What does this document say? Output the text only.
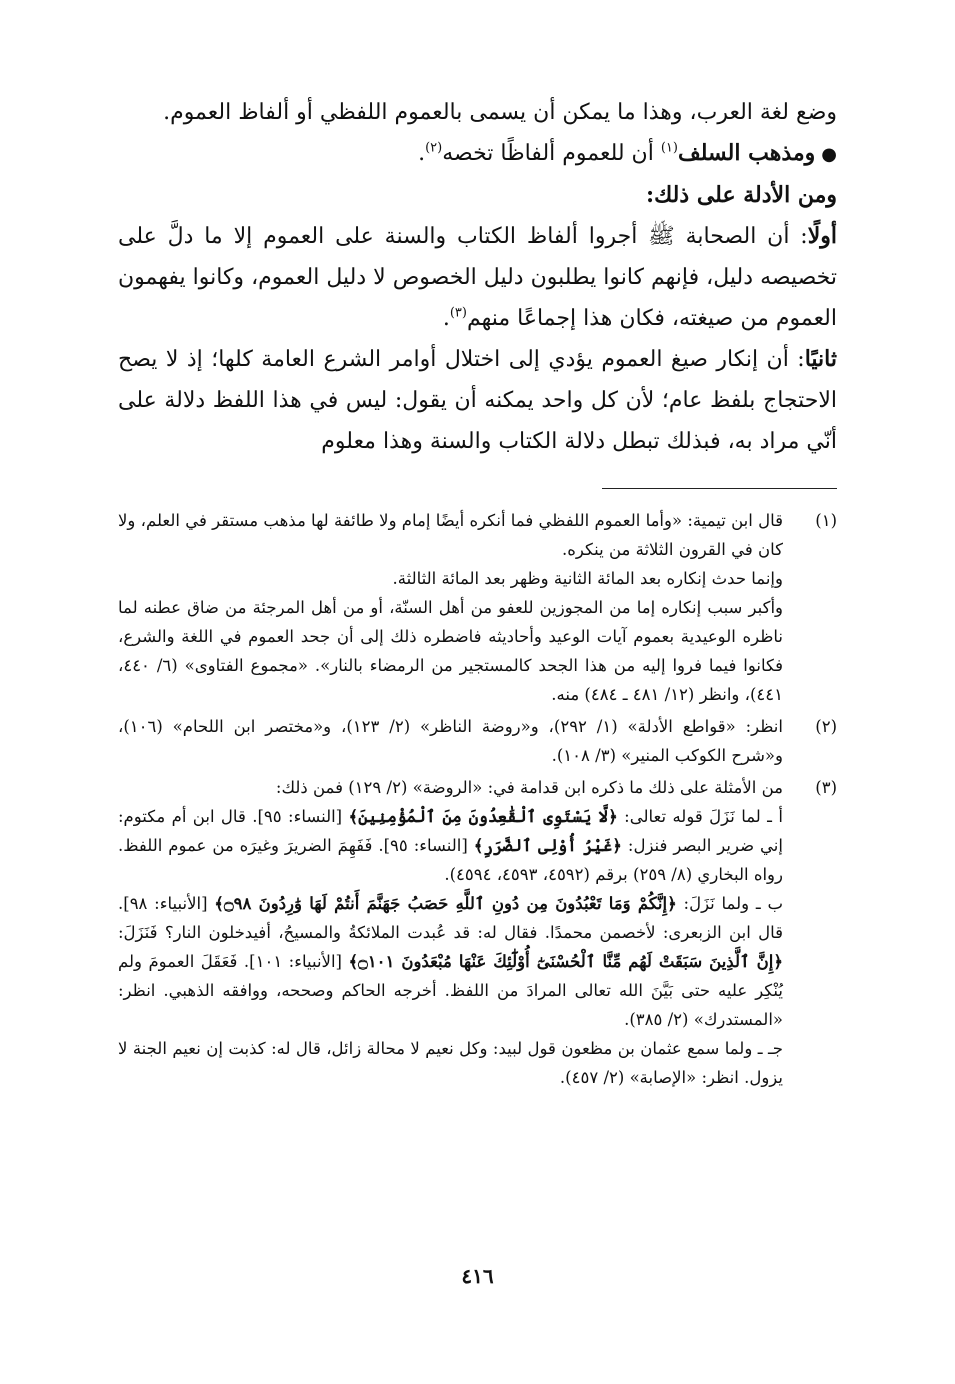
وضع لغة العرب، وهذا ما يمكن أن يسمى بالعموم اللفظي أو ألفاظ العموم.

●ومذهب السلف$^{(١)}$ أن للعموم ألفاظًا تخصه$^{(٢)}$.

ومن الأدلة على ذلك:

أولًا: أن الصحابة ﷺ أجروا ألفاظ الكتاب والسنة على العموم إلا ما دلَّ على تخصيصه دليل، فإنهم كانوا يطلبون دليل الخصوص لا دليل العموم، وكانوا يفهمون العموم من صيغته، فكان هذا إجماعًا منهم$^{(٣)}$.

ثانيًا: أن إنكار صيغ العموم يؤدي إلى اختلال أوامر الشرع العامة كلها؛ إذ لا يصح الاحتجاج بلفظ عام؛ لأن كل واحد يمكنه أن يقول: ليس في هذا اللفظ دلالة على أنّي مراد به، فبذلك تبطل دلالة الكتاب والسنة وهذا معلوم

(١)

قال ابن تيمية: «وأما العموم اللفظي فما أنكره أيضًا إمام ولا طائفة لها مذهب مستقر في العلم، ولا كان في القرون الثلاثة من ينكره.

وإنما حدث إنكاره بعد المائة الثانية وظهر بعد المائة الثالثة.

وأكبر سبب إنكاره إما من المجوزين للعفو من أهل السنّة، أو من أهل المرجئة من ضاق عطنه لما ناظره الوعيدية بعموم آيات الوعيد وأحاديثه فاضطره ذلك إلى أن جحد العموم في اللغة والشرع، فكانوا فيما فروا إليه من هذا الجحد كالمستجير من الرمضاء بالنار». «مجموع الفتاوى» (٦/ ٤٤٠، ٤٤١)، وانظر (١٢/ ٤٨١ ـ ٤٨٤) منه.

(٢)

انظر: «قواطع الأدلة» (١/ ٢٩٢)، و«روضة الناظر» (٢/ ١٢٣)، و«مختصر ابن اللحام» (١٠٦)، و«شرح الكوكب المنير» (٣/ ١٠٨).

(٣)

من الأمثلة على ذلك ما ذكره ابن قدامة في: «الروضة» (٢/ ١٢٩) فمن ذلك:

أ ـ لما نَزَلَ قوله تعالى: ﴿لَّا يَسْتَوِى ٱلْقَٰعِدُونَ مِنَ ٱلْمُؤْمِنِينَ﴾ [النساء: ٩٥]. قال ابن أم مكتوم: إني ضرير البصر فنزل: ﴿غَيْرُ أُوْلِى ٱلضَّرَرِ﴾ [النساء: ٩٥]. فَفَهِمَ الضريرَ وغيرَه من عموم اللفظ. رواه البخاري (٨/ ٢٥٩) برقم (٤٥٩٢، ٤٥٩٣، ٤٥٩٤).

ب ـ ولما نَزَلَ: ﴿إِنَّكُمْ وَمَا تَعْبُدُونَ مِن دُونِ ٱللَّهِ حَصَبُ جَهَنَّمَ أَنتُمْ لَهَا وَٰرِدُونَ ۝٩٨﴾ [الأنبياء: ٩٨]. قال ابن الزبعرى: لأخصمن محمدًا. فقال له: قد عُبدت الملائكةُ والمسيحُ، أفيدخلون النار؟ فَنَزَلَ: ﴿إِنَّ ٱلَّذِينَ سَبَقَتْ لَهُم مِّنَّا ٱلْحُسْنَىٰٓ أُوْلَٰٓئِكَ عَنْهَا مُبْعَدُونَ ۝١٠١﴾ [الأنبياء: ١٠١]. فَعَقَلَ العمومَ ولم يُنْكِر عليه حتى بَيَّنَ الله تعالى المرادَ من اللفظ. أخرجه الحاكم وصححه، ووافقه الذهبي. انظر: «المستدرك» (٢/ ٣٨٥).

جـ ـ ولما سمع عثمان بن مظعون قول لبيد: وكل نعيم لا محالة زائل، قال له: كذبت إن نعيم الجنة لا يزول. انظر: «الإصابة» (٢/ ٤٥٧).

٤١٦
